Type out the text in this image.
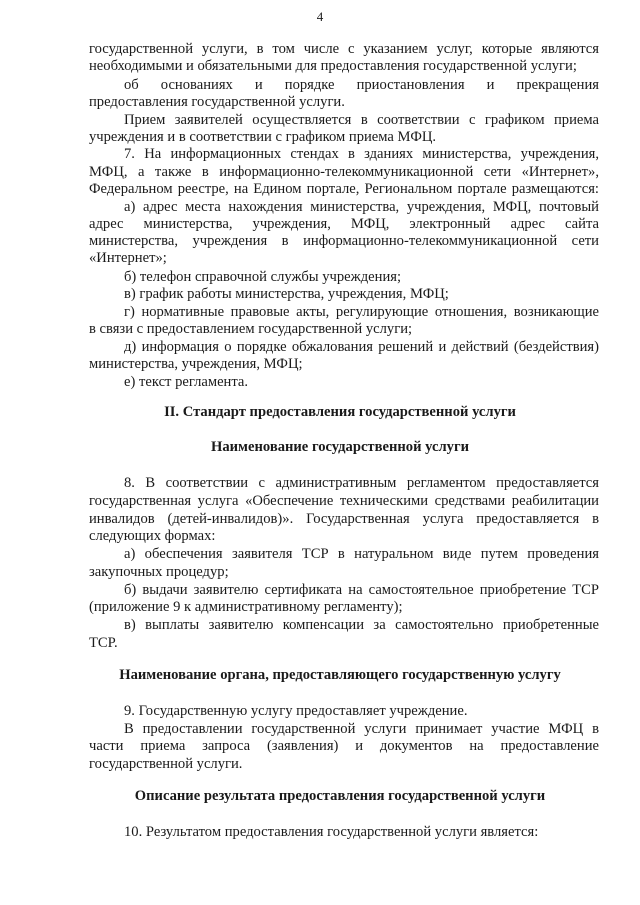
4
государственной услуги, в том числе с указанием услуг, которые являются
необходимыми и обязательными для предоставления государственной услуги;
об основаниях и порядке приостановления и прекращения
предоставления государственной услуги.
Прием заявителей осуществляется в соответствии с графиком приема
учреждения и в соответствии с графиком приема МФЦ.
7. На информационных стендах в зданиях министерства, учреждения,
МФЦ, а также в информационно-телекоммуникационной сети «Интернет»,
Федеральном реестре, на Едином портале, Региональном портале размещаются:
а) адрес места нахождения министерства, учреждения, МФЦ, почтовый
адрес министерства, учреждения, МФЦ, электронный адрес сайта
министерства, учреждения в информационно-телекоммуникационной сети
«Интернет»;
б) телефон справочной службы учреждения;
в) график работы министерства, учреждения, МФЦ;
г) нормативные правовые акты, регулирующие отношения, возникающие
в связи с предоставлением государственной услуги;
д) информация о порядке обжалования решений и действий (бездействия)
министерства, учреждения, МФЦ;
е) текст регламента.
II. Стандарт предоставления государственной услуги
Наименование государственной услуги
8. В соответствии с административным регламентом предоставляется
государственная услуга «Обеспечение техническими средствами реабилитации
инвалидов (детей-инвалидов)». Государственная услуга предоставляется в
следующих формах:
а) обеспечения заявителя ТСР в натуральном виде путем проведения
закупочных процедур;
б) выдачи заявителю сертификата на самостоятельное приобретение ТСР
(приложение 9 к административному регламенту);
в) выплаты заявителю компенсации за самостоятельно приобретенные
ТСР.
Наименование органа, предоставляющего государственную услугу
9. Государственную услугу предоставляет учреждение.
В предоставлении государственной услуги принимает участие МФЦ в
части приема запроса (заявления) и документов на предоставление
государственной услуги.
Описание результата предоставления государственной услуги
10. Результатом предоставления государственной услуги является:
